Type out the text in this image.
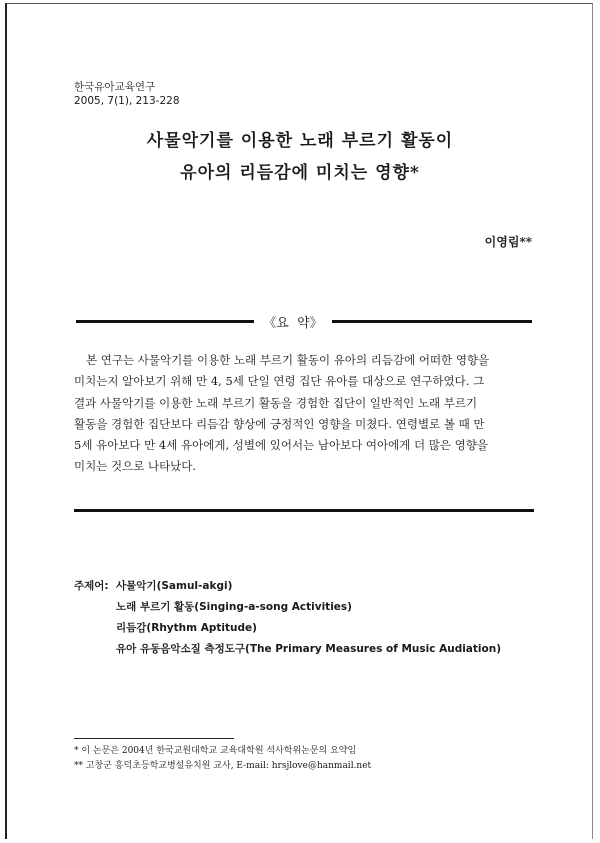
한국유아교육연구
2005, 7(1), 213-228
사물악기를 이용한 노래 부르기 활동이
유아의 리듬감에 미치는 영향*
이영림**
《요  약》
본 연구는 사물악기를 이용한 노래 부르기 활동이 유아의 리듬감에 어떠한 영향을
미치는지 알아보기 위해 만 4, 5세 단일 연령 집단 유아를 대상으로 연구하였다. 그
결과 사물악기를 이용한 노래 부르기 활동을 경험한 집단이 일반적인 노래 부르기
활동을 경험한 집단보다 리듬감 향상에 긍정적인 영향을 미쳤다. 연령별로 볼 때 만
5세 유아보다 만 4세 유아에게, 성별에 있어서는 남아보다 여아에게 더 많은 영향을
미치는 것으로 나타났다.
주제어: 사물악기(Samul-akgi)
노래 부르기 활동(Singing-a-song Activities)
리듬감(Rhythm Aptitude)
유아 유동음악소질 측정도구(The Primary Measures of Music Audiation)
* 이 논문은 2004년 한국교원대학교 교육대학원 석사학위논문의 요약임
** 고창군 흥덕초등학교병설유치원 교사, E-mail: hrsjlove@hanmail.net
